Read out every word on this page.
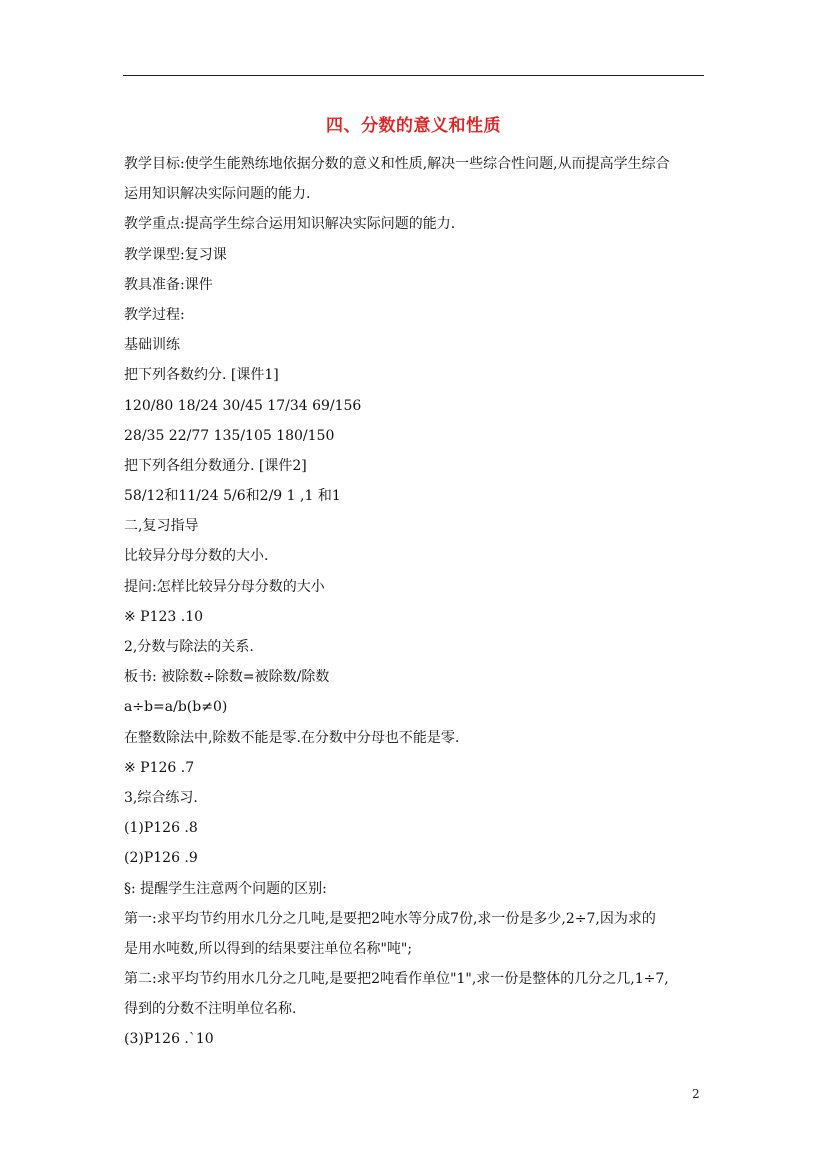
四、分数的意义和性质
教学目标:使学生能熟练地依据分数的意义和性质,解决一些综合性问题,从而提高学生综合
运用知识解决实际问题的能力.
教学重点:提高学生综合运用知识解决实际问题的能力.
教学课型:复习课
教具准备:课件
教学过程:
基础训练
把下列各数约分. [课件1]
120/80 18/24 30/45 17/34 69/156
28/35 22/77 135/105 180/150
把下列各组分数通分. [课件2]
58/12和11/24 5/6和2/9 1 ,1 和1
二,复习指导
比较异分母分数的大小.
提问:怎样比较异分母分数的大小
※ P123 .10
2,分数与除法的关系.
板书: 被除数÷除数=被除数/除数
a÷b=a/b(b≠0)
在整数除法中,除数不能是零.在分数中分母也不能是零.
※ P126 .7
3,综合练习.
(1)P126 .8
(2)P126 .9
§: 提醒学生注意两个问题的区别:
第一:求平均节约用水几分之几吨,是要把2吨水等分成7份,求一份是多少,2÷7,因为求的
是用水吨数,所以得到的结果要注单位名称"吨";
第二:求平均节约用水几分之几吨,是要把2吨看作单位"1",求一份是整体的几分之几,1÷7,
得到的分数不注明单位名称.
(3)P126 .`10
2
